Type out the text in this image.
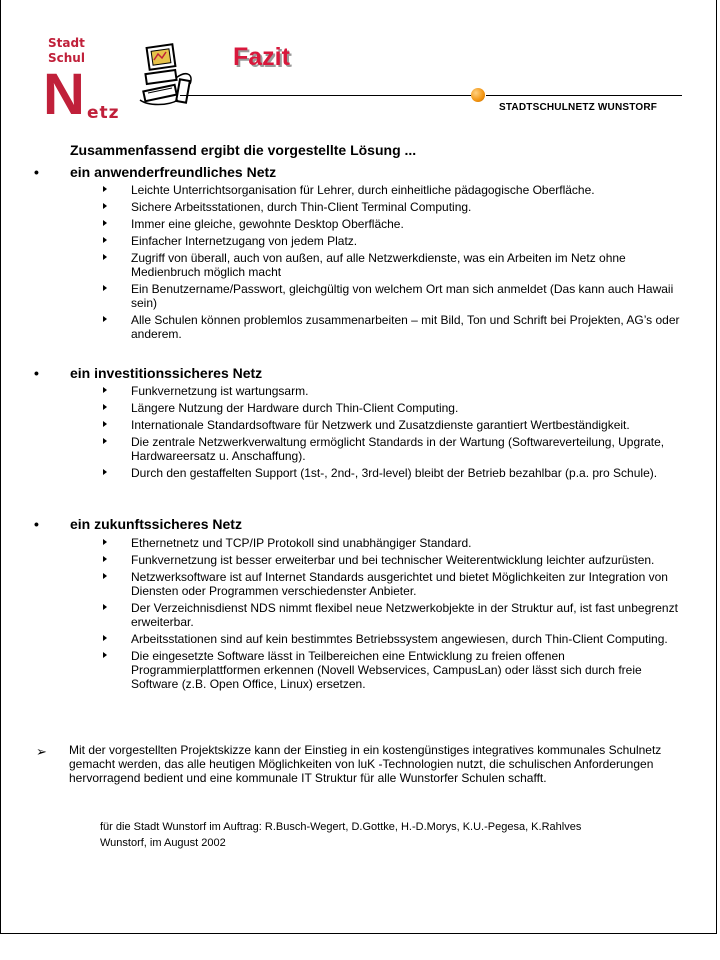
Stadt
Schul
N etz
Fazit
STADTSCHULNETZ WUNSTORF
Zusammenfassend ergibt die vorgestellte Lösung ...
• ein anwenderfreundliches Netz
Leichte Unterrichtsorganisation für Lehrer, durch einheitliche pädagogische Oberfläche.
Sichere Arbeitsstationen, durch Thin-Client Terminal Computing.
Immer eine gleiche, gewohnte Desktop Oberfläche.
Einfacher Internetzugang von jedem Platz.
Zugriff von überall, auch von außen, auf alle Netzwerkdienste, was ein Arbeiten im Netz ohne Medienbruch möglich macht
Ein Benutzername/Passwort, gleichgültig von welchem Ort man sich anmeldet (Das kann auch Hawaii sein)
Alle Schulen können problemlos zusammenarbeiten – mit Bild, Ton und Schrift bei Projekten, AG’s oder anderem.
• ein investitionssicheres Netz
Funkvernetzung ist wartungsarm.
Längere Nutzung der Hardware durch Thin-Client Computing.
Internationale Standardsoftware für Netzwerk und Zusatzdienste garantiert Wertbeständigkeit.
Die zentrale Netzwerkverwaltung ermöglicht Standards in der Wartung (Softwareverteilung, Upgrate, Hardwareersatz u. Anschaffung).
Durch den gestaffelten Support (1st-, 2nd-, 3rd-level) bleibt der Betrieb bezahlbar (p.a. pro Schule).
• ein zukunftssicheres Netz
Ethernetnetz und TCP/IP Protokoll sind unabhängiger Standard.
Funkvernetzung ist besser erweiterbar und bei technischer Weiterentwicklung leichter aufzurüsten.
Netzwerksoftware ist auf Internet Standards ausgerichtet und bietet Möglichkeiten zur Integration von Diensten oder Programmen verschiedenster Anbieter.
Der Verzeichnisdienst NDS nimmt flexibel neue Netzwerkobjekte in der Struktur auf, ist fast unbegrenzt erweiterbar.
Arbeitsstationen sind auf kein bestimmtes Betriebssystem angewiesen, durch Thin-Client Computing.
Die eingesetzte Software lässt in Teilbereichen eine Entwicklung zu freien offenen Programmierplattformen erkennen (Novell Webservices, CampusLan) oder lässt sich durch freie Software (z.B. Open Office, Linux) ersetzen.
➢ Mit der vorgestellten Projektskizze kann der Einstieg in ein kostengünstiges integratives kommunales Schulnetz gemacht werden, das alle heutigen Möglichkeiten von luK -Technologien nutzt, die schulischen Anforderungen hervorragend bedient und eine kommunale IT Struktur für alle Wunstorfer Schulen schafft.

für die Stadt Wunstorf im Auftrag: R.Busch-Wegert, D.Gottke, H.-D.Morys, K.U.-Pegesa, K.Rahlves
Wunstorf, im August 2002
